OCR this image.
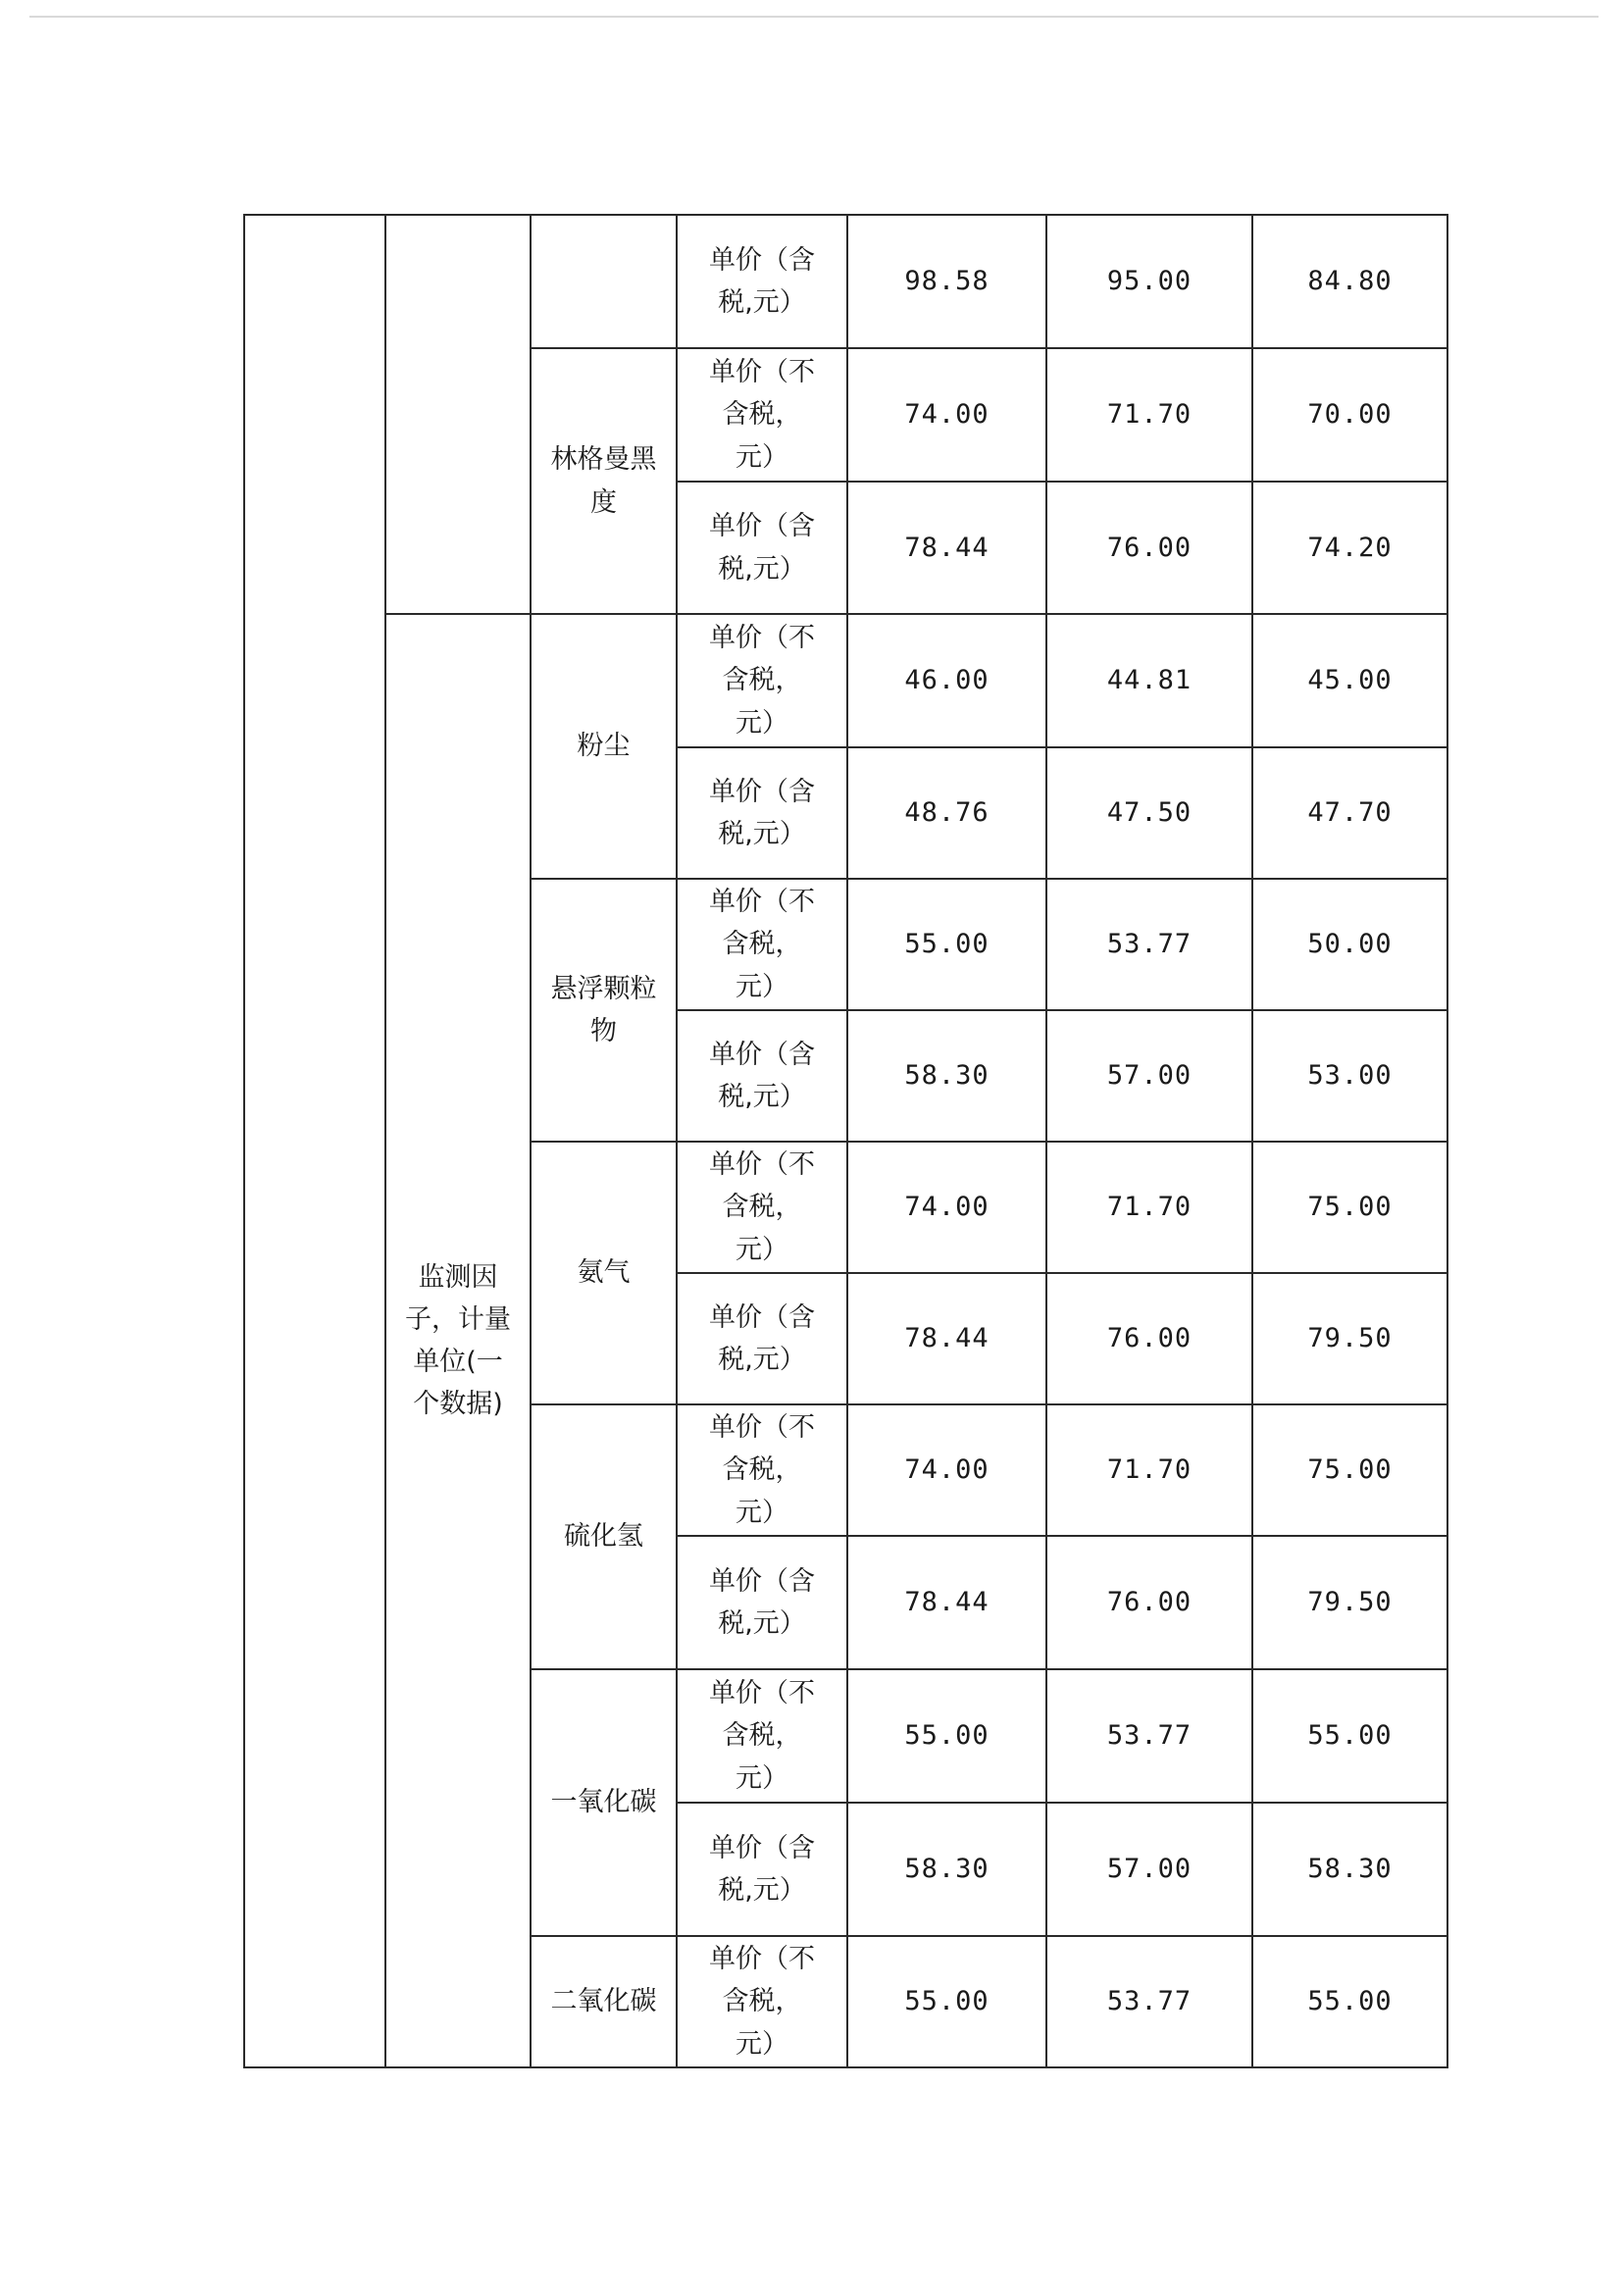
			单价（含税,元）	98.58	95.00	84.80
		林格曼黑度	单价（不含税，元）	74.00	71.70	70.00
			单价（含税,元）	78.44	76.00	74.20
	监测因子，计量单位(一个数据)	粉尘	单价（不含税，元）	46.00	44.81	45.00
			单价（含税,元）	48.76	47.50	47.70
		悬浮颗粒物	单价（不含税，元）	55.00	53.77	50.00
			单价（含税,元）	58.30	57.00	53.00
		氨气	单价（不含税，元）	74.00	71.70	75.00
			单价（含税,元）	78.44	76.00	79.50
		硫化氢	单价（不含税，元）	74.00	71.70	75.00
			单价（含税,元）	78.44	76.00	79.50
		一氧化碳	单价（不含税，元）	55.00	53.77	55.00
			单价（含税,元）	58.30	57.00	58.30
		二氧化碳	单价（不含税，元）	55.00	53.77	55.00
